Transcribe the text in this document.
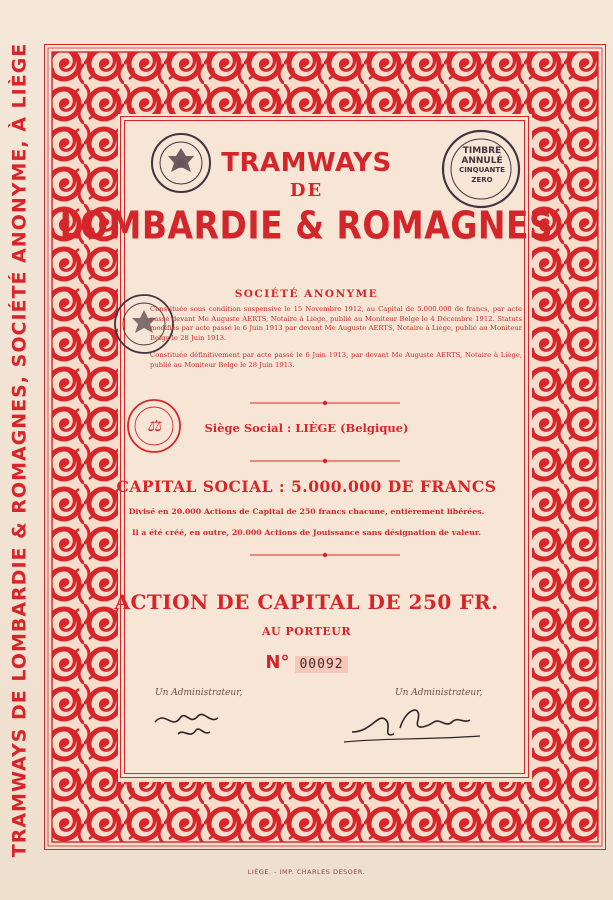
TRAMWAYS DE LOMBARDIE & ROMAGNES, SOCIÉTÉ ANONYME, À LIÈGE
	TIMBRE
ANNULÉ
CINQUANTE
ZERO
⚖
TRAMWAYS
DE
LOMBARDIE & ROMAGNES
SOCIÉTÉ ANONYME
Constituée sous condition suspensive le 15 Novembre 1912, au Capital de 5.000.000 de francs, par acte passé devant Me Auguste AERTS, Notaire à Liège, publié au Moniteur Belge le 4 Décembre 1912. Statuts modifiés par acte passé le 6 Juin 1913 par devant Me Auguste AERTS, Notaire à Liège, publié au Moniteur Belge le 28 Juin 1913.
Constituée définitivement par acte passé le 6 Juin 1913, par devant Me Auguste AERTS, Notaire à Liège, publié au Moniteur Belge le 28 Juin 1913.
Siège Social : LIÈGE (Belgique)
CAPITAL SOCIAL : 5.000.000 DE FRANCS
Divisé en 20.000 Actions de Capital de 250 francs chacune, entièrement libérées.
Il a été créé, en outre, 20.000 Actions de Jouissance sans désignation de valeur.
ACTION DE CAPITAL DE 250 FR.
AU PORTEUR
N° 00092
Un Administrateur,	Un Administrateur,
LIÈGE. - IMP. CHARLES DESOER.
